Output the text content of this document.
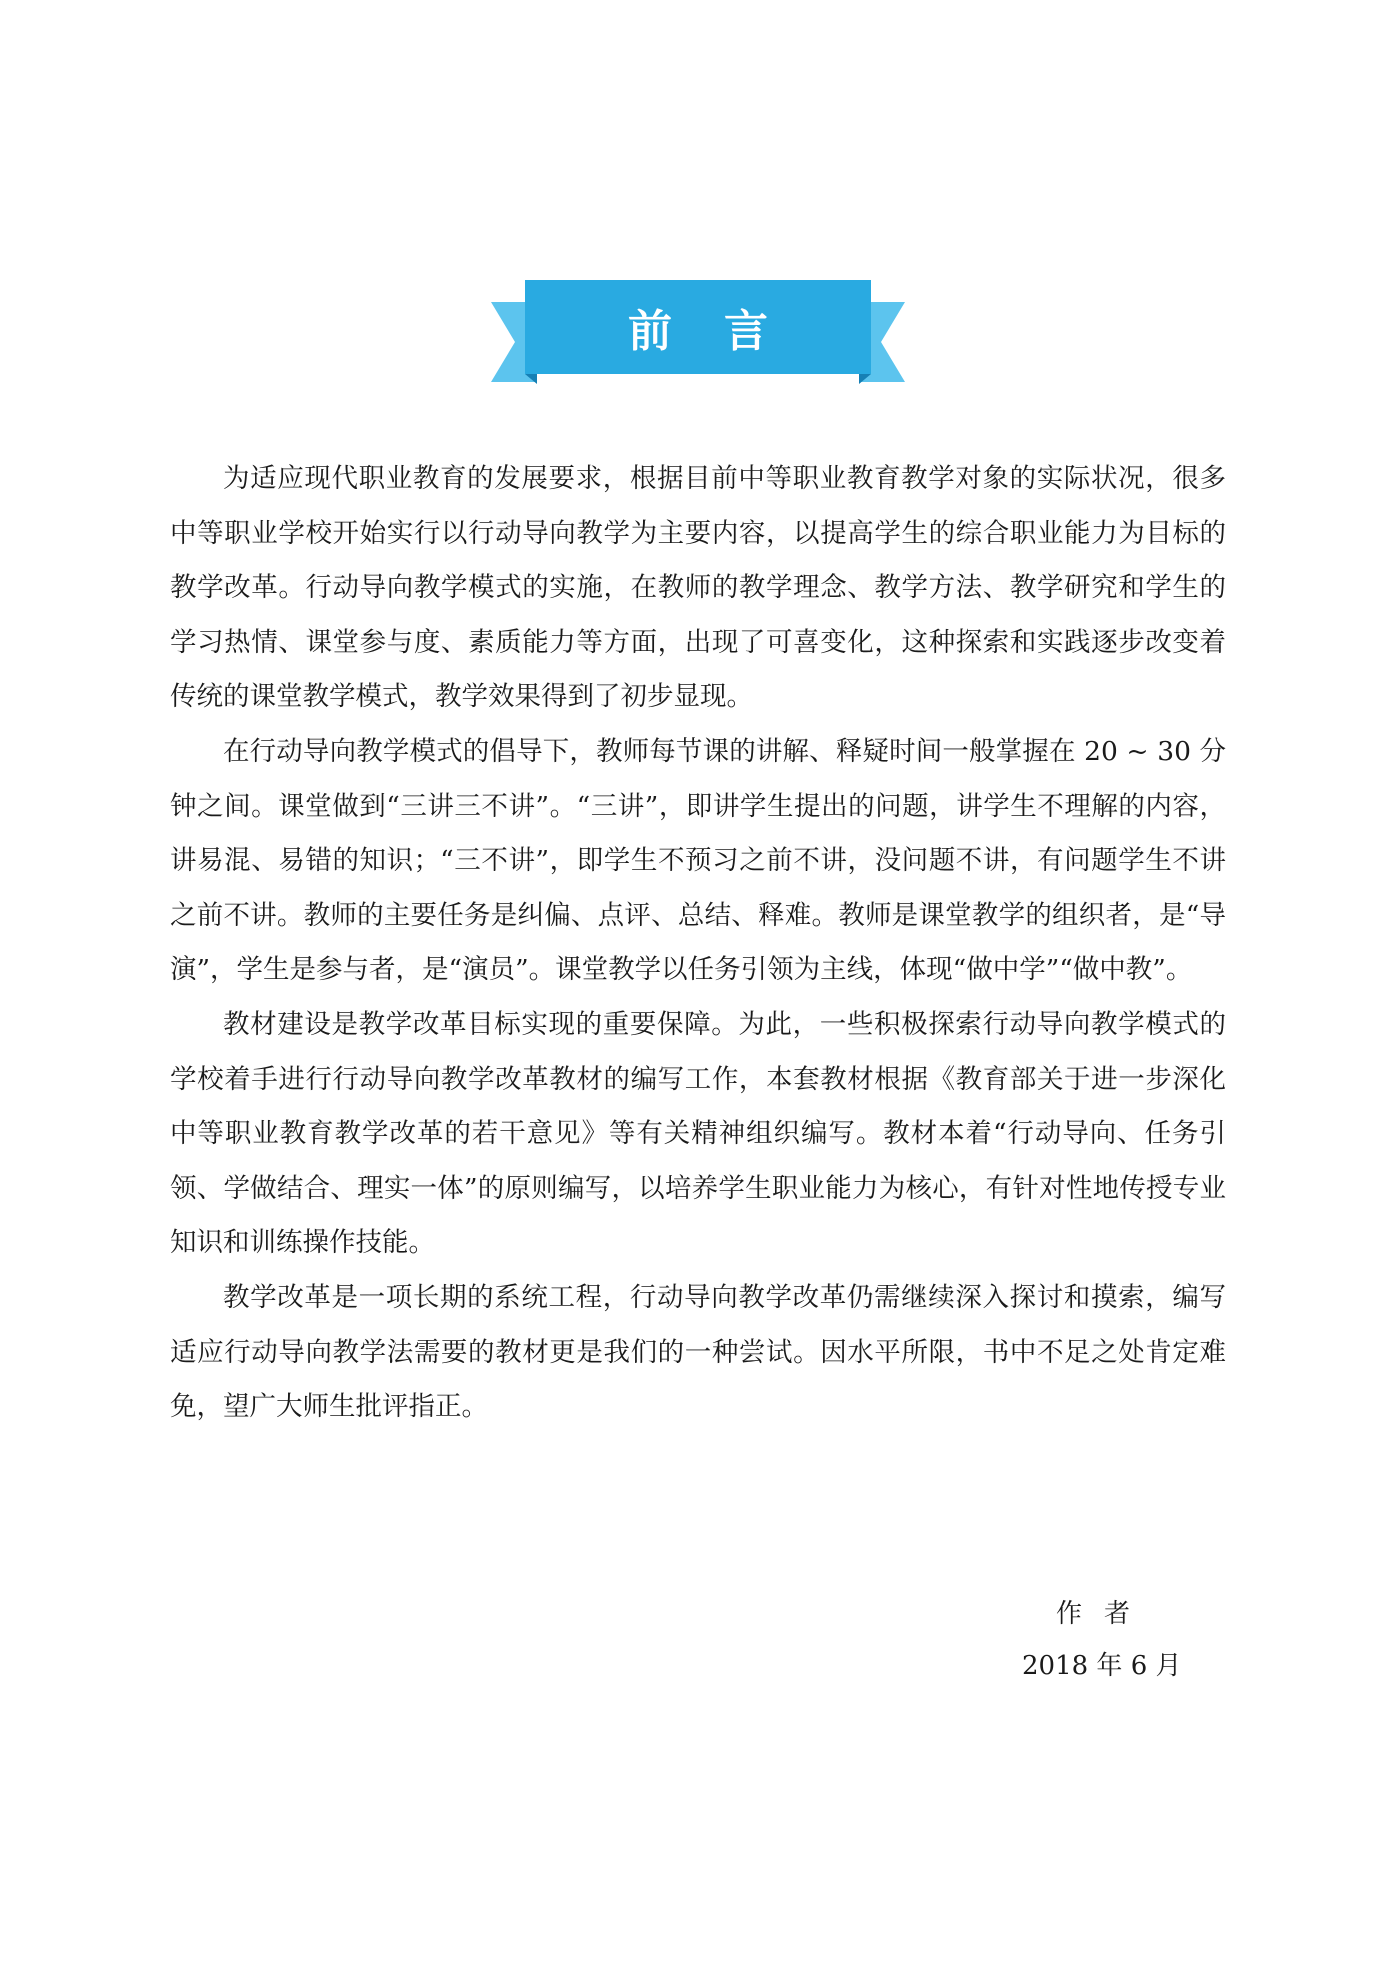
前言

为适应现代职业教育的发展要求，根据目前中等职业教育教学对象的实际状况，很多中等职业学校开始实行以行动导向教学为主要内容，以提高学生的综合职业能力为目标的教学改革。行动导向教学模式的实施，在教师的教学理念、教学方法、教学研究和学生的学习热情、课堂参与度、素质能力等方面，出现了可喜变化，这种探索和实践逐步改变着传统的课堂教学模式，教学效果得到了初步显现。

在行动导向教学模式的倡导下，教师每节课的讲解、释疑时间一般掌握在 20 ~ 30 分钟之间。课堂做到“三讲三不讲”。“三讲”，即讲学生提出的问题，讲学生不理解的内容，讲易混、易错的知识；“三不讲”，即学生不预习之前不讲，没问题不讲，有问题学生不讲之前不讲。教师的主要任务是纠偏、点评、总结、释难。教师是课堂教学的组织者，是“导演”，学生是参与者，是“演员”。课堂教学以任务引领为主线，体现“做中学”“做中教”。

教材建设是教学改革目标实现的重要保障。为此，一些积极探索行动导向教学模式的学校着手进行行动导向教学改革教材的编写工作，本套教材根据《教育部关于进一步深化中等职业教育教学改革的若干意见》等有关精神组织编写。教材本着“行动导向、任务引领、学做结合、理实一体”的原则编写，以培养学生职业能力为核心，有针对性地传授专业知识和训练操作技能。

教学改革是一项长期的系统工程，行动导向教学改革仍需继续深入探讨和摸索，编写适应行动导向教学法需要的教材更是我们的一种尝试。因水平所限，书中不足之处肯定难免，望广大师生批评指正。

作者
2018 年 6 月
